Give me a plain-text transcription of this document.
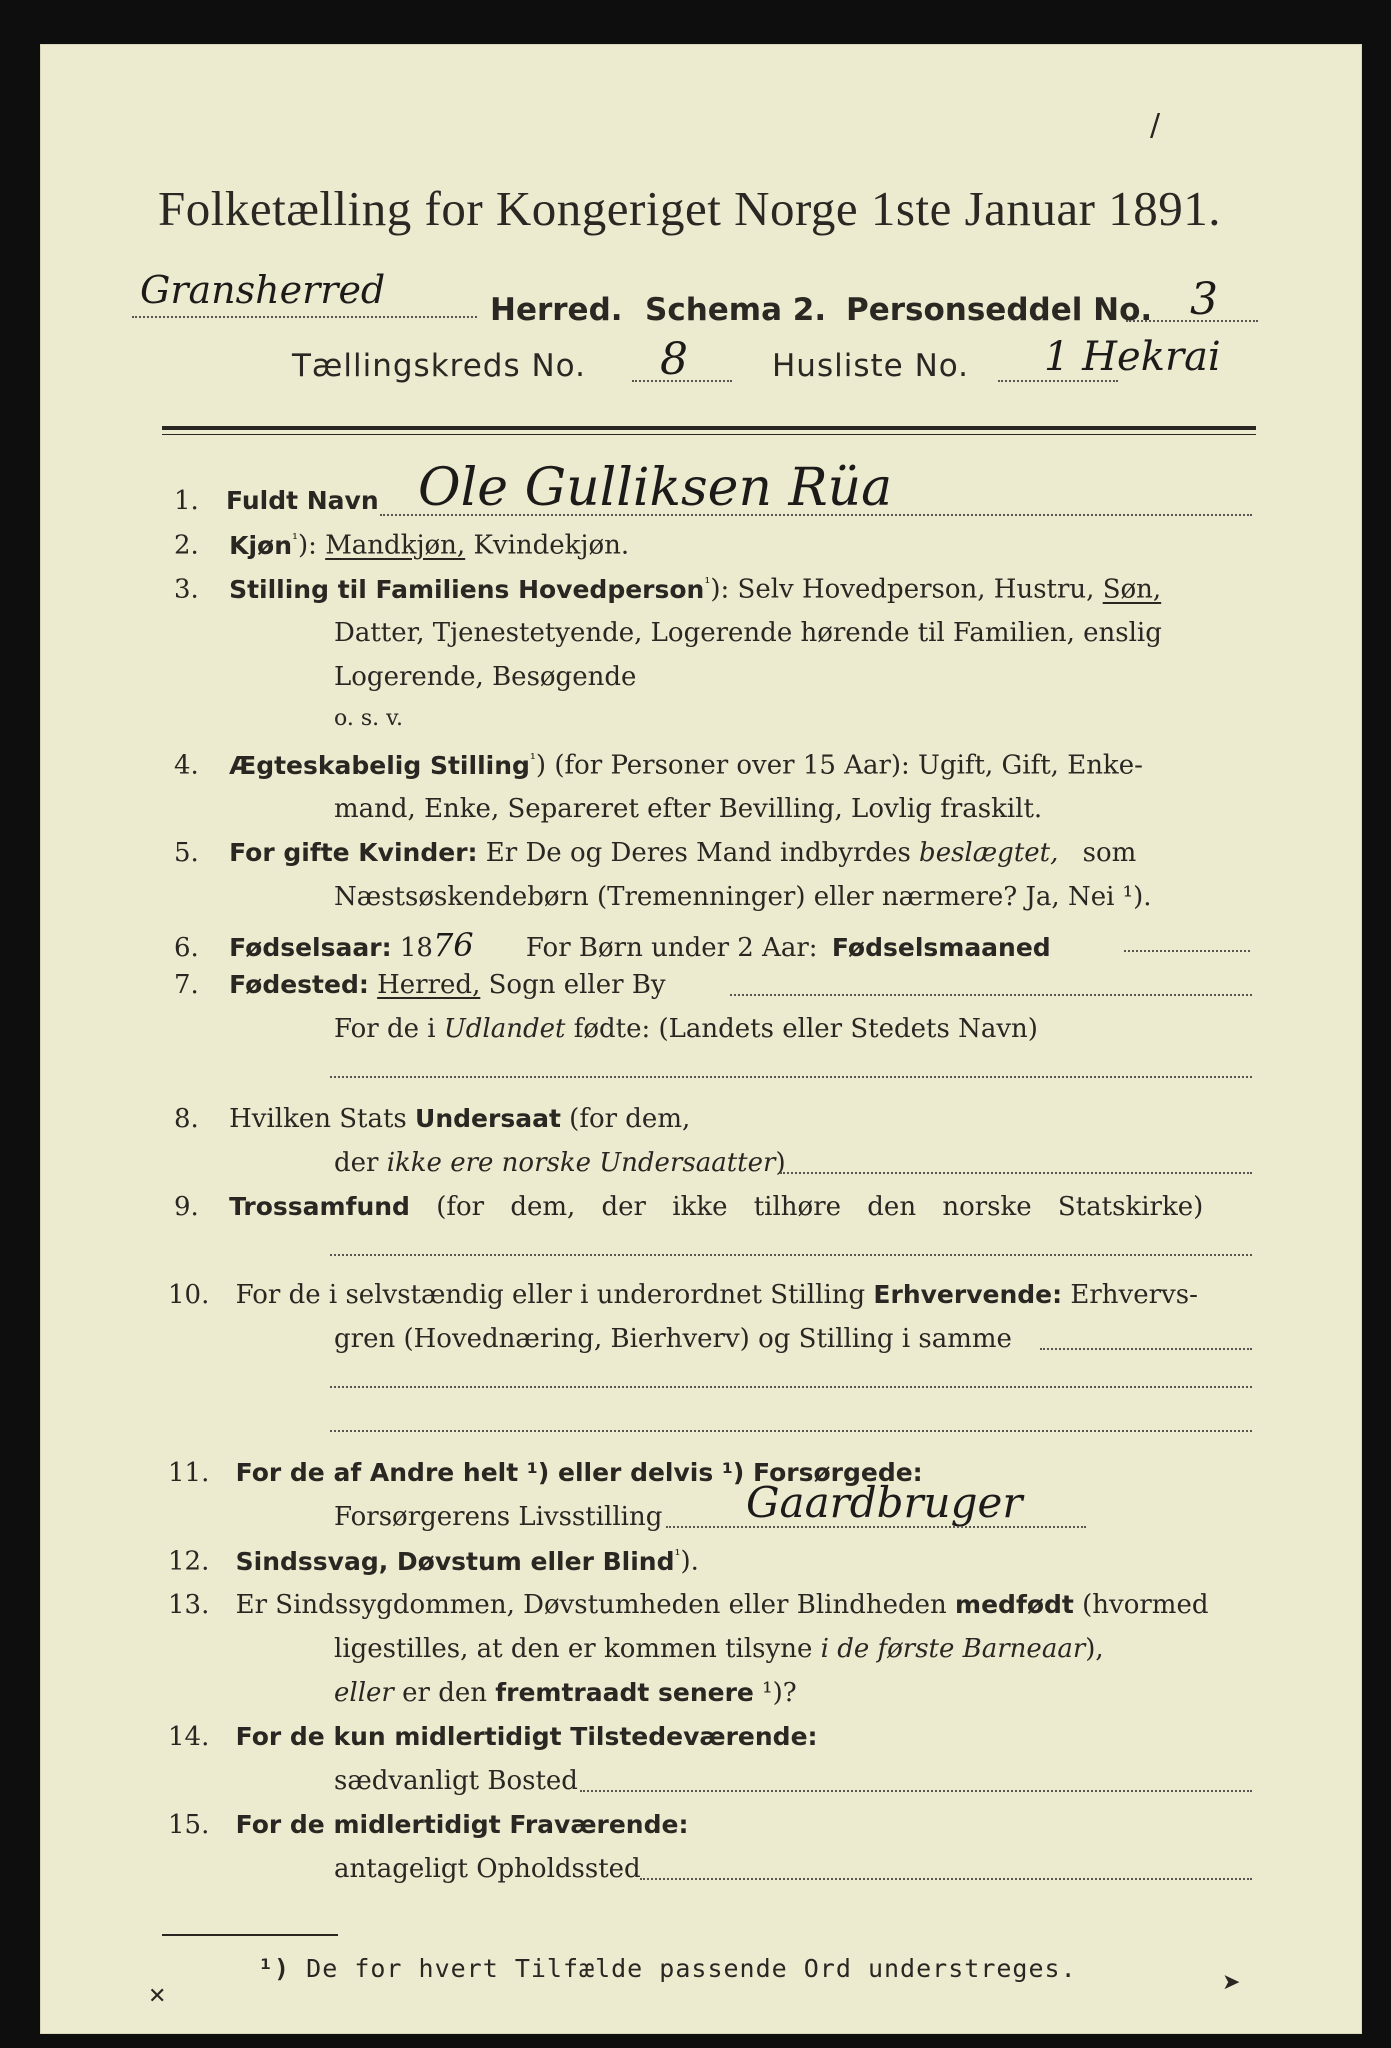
Folketælling for Kongeriget Norge 1ste Januar 1891.
Gransherred	Herred. Schema 2. Personseddel No. 3
Tællingskreds No. 8	Husliste No. 1 Hekrai
1. Fuldt Navn Ole Gulliksen Rüa
2. Kjøn$^{^1}$): Mandkjøn, Kvindekjøn.
3. Stilling til Familiens Hovedperson$^{^1}$): Selv Hovedperson, Hustru, Søn,
Datter, Tjenestetyende, Logerende hørende til Familien, enslig
Logerende, Besøgende
o. s. v.
4. Ægteskabelig Stilling$^{^1}$) (for Personer over 15 Aar): Ugift, Gift, Enke-
mand, Enke, Separeret efter Bevilling, Lovlig fraskilt.
5. For gifte Kvinder: Er De og Deres Mand indbyrdes beslægtet, som
Næstsøskendebørn (Tremenninger) eller nærmere? Ja, Nei ¹).
6. Fødselsaar: 1876 For Børn under 2 Aar: Fødselsmaaned
7. Fødested: Herred, Sogn eller By
For de i Udlandet fødte: (Landets eller Stedets Navn)
8. Hvilken Stats Undersaat (for dem,
der ikke ere norske Undersaatter)
9. Trossamfund (for dem, der ikke tilhøre den norske Statskirke)
10. For de i selvstændig eller i underordnet Stilling Erhvervende: Erhvervs-
gren (Hovednæring, Bierhverv) og Stilling i samme
11. For de af Andre helt ¹) eller delvis ¹) Forsørgede:
Forsørgerens Livsstilling Gaardbruger
12. Sindssvag, Døvstum eller Blind$^{^1}$).
13. Er Sindssygdommen, Døvstumheden eller Blindheden medfødt (hvormed
ligestilles, at den er kommen tilsyne i de første Barneaar),
eller er den fremtraadt senere ¹)?
14. For de kun midlertidigt Tilstedeværende:
sædvanligt Bosted
15. For de midlertidigt Fraværende:
antageligt Opholdssted
¹) De for hvert Tilfælde passende Ord understreges.
/
✕
➤
